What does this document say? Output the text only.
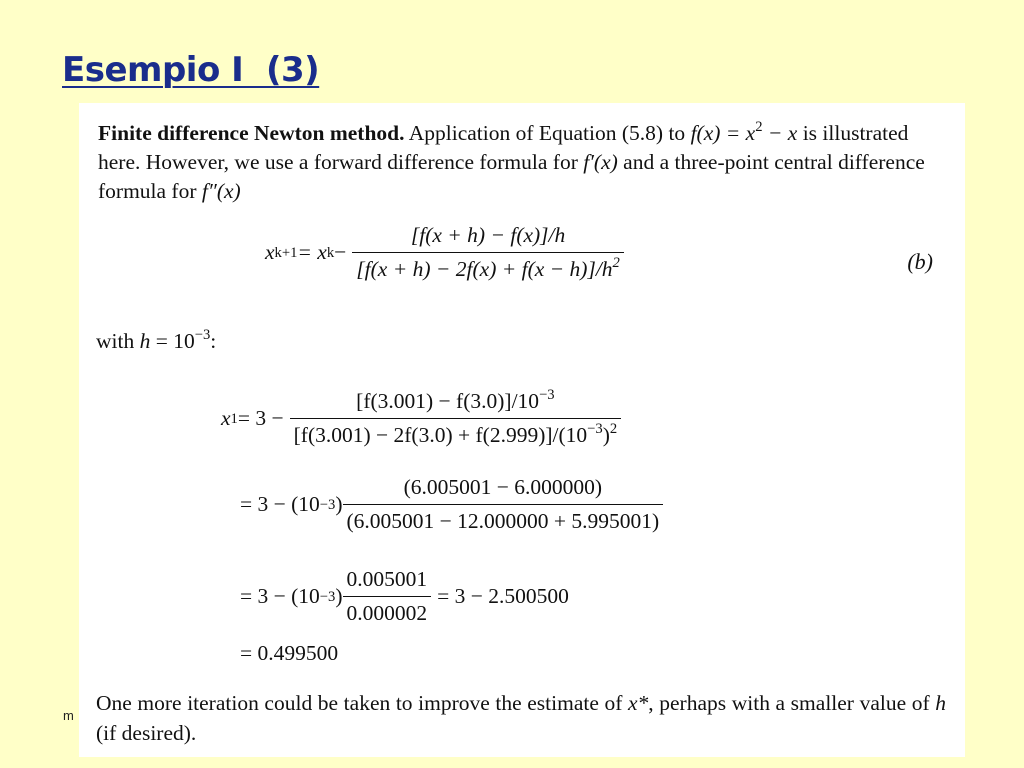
Esempio I  (3)
m
Finite difference Newton method. Application of Equation (5.8) to $f(x) = x^2 - x$ is illustrated here. However, we use a forward difference formula for f′(x) and a three-point central difference formula for f″(x)
x k+1 = x $k - \frac{[f(x + h) - f(x)]/h}{[f(x + h) - 2f(x) + f(x - h)]/h^2}$	(b)
with $h = 10^{-3}$:
x $1 = 3 - \frac{[f(3.001) - f(3.0)]/10^{-3}}{[f(3.001) - 2f(3.0) + f(2.999)]/(10^{-3})^2}$
= 3 − (10 −3 ) $\frac{(6.005001 - 6.000000)}{(6.005001 - 12.000000 + 5.995001)}$
= 3 − (10 −3 ) $\frac{0.005001}{0.000002} = 3 - 2.500500$
= 0.499500
One more iteration could be taken to improve the estimate of x*, perhaps with a smaller value of h (if desired).
